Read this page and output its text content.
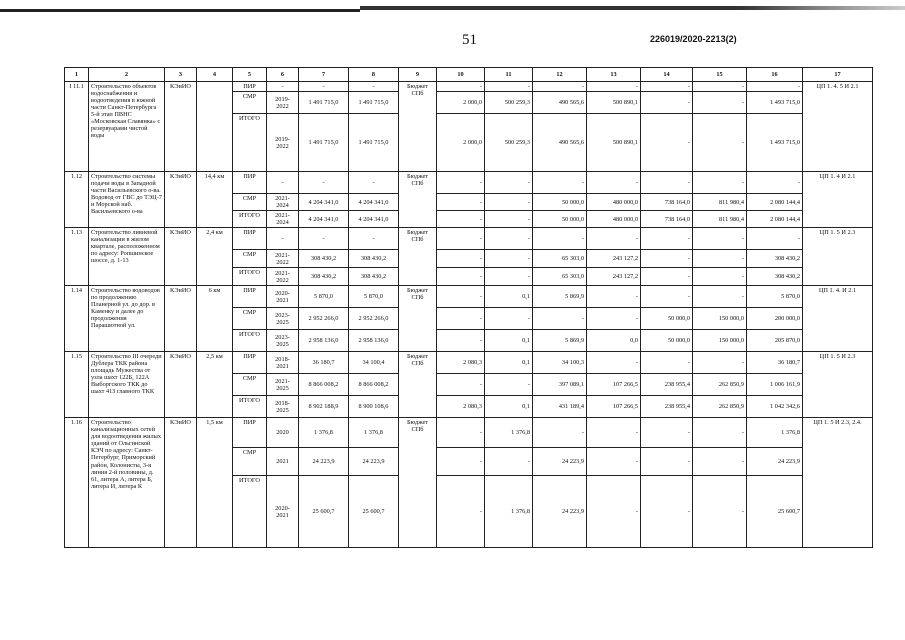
51	226019/2020-2213(2)
1	2	3	4	5	6	7	8	9	10	11	12	13	14	15	16	17
I 11.1	Строительство объектов водоснабжения и водоотведения в южной части Санкт-Петербурга 5-й этап ПВНС «Московская Славянка» с резервуарами чистой воды	КЭиИО		ПИР	-	-	-	Бюджет СПб	-	-	-	-	-	-	-	ЦП 1. 4. 5 И 2.1
				СМР	2019-2022	1 491 715,0	1 491 715,0		2 000,0	500 259,3	490 565,6	500 890,1	-	-	1 493 715,0	
				ИТОГО	2019-2022	1 491 715,0	1 491 715,0		2 000,0	500 259,3	490 565,6	500 890,1	-	-	1 493 715,0	
1.12	Строительство системы подачи воды в Западной части Васильевского о-ва. Водовод от ГВС до ТЭЦ-7 и Морской наб. Васильевского о-ва	КЭиИО	14,4 км	ПИР	-	-	-	Бюджет СПб	-	-	-	-	-	-	-	ЦП 1. 4 И 2.1
				СМР	2021-2024	4 204 341,0	4 204 341,0		-	-	50 000,0	480 000,0	738 164,0	811 980,4	2 080 144,4	
				ИТОГО	2021-2024	4 204 341,0	4 204 341,0		-	-	50 000,0	480 000,0	738 164,0	811 980,4	2 080 144,4	
1.13	Строительство ливневой канализации в жилом квартале, расположенном по адресу: Ропшинское шоссе, д. 1-13	КЭиИО	2,4 км	ПИР	-	-	-	Бюджет СПб	-	-	-	-	-	-	-	ЦП 1. 5 И 2.3
				СМР	2021-2022	308 430,2	308 430,2		-	-	65 303,0	243 127,2	-	-	308 430,2	
				ИТОГО	2021-2022	308 430,2	308 430,2		-	-	65 303,0	243 127,2	-	-	308 430,2	
1.14	Строительство водоводов по продолжению Планерной ул. до дор. в Каменку и далее до продолжения Парашютной ул.	КЭиИО	6 км	ПИР	2020-2021	5 870,0	5 870,0	Бюджет СПб	-	0,1	5 869,9	-	-	-	5 870,0	ЦП 1. 4. И 2.1
				СМР	2023-2025	2 952 266,0	2 952 266,0		-	-	-	-	50 000,0	150 000,0	200 000,0	
				ИТОГО	2023-2025	2 958 136,0	2 958 136,0		-	0,1	5 869,9	0,0	50 000,0	150 000,0	205 870,0	
1.15	Строительство III очереди Дублера ТКК района площадь Мужества от узла шахт 122Б, 122А Выборгского ТКК до шахт 413 главного ТКК	КЭиИО	2,5 км	ПИР	2018-2021	36 180,7	34 100,4	Бюджет СПб	2 080,3	0,1	34 100,3	-	-	-	36 180,7	ЦП 1. 5 И 2.3
				СМР	2021-2025	8 866 008,2	8 866 008,2		-	-	397 089,1	107 266,5	238 955,4	262 850,9	1 006 161,9	
				ИТОГО	2018-2025	8 902 188,9	8 900 108,6		2 080,3	0,1	431 189,4	107 266,5	238 955,4	262 850,9	1 042 342,6	
1.16	Строительство канализационных сетей для водоотведения жилых зданий от Ольгинской КЭЧ по адресу: Санкт-Петербург, Приморский район, Колонисты, 3-я линия 2-й половины, д. 61, литера А, литера Б, литера И, литера К	КЭиИО	1,5 км	ПИР	2020	1 376,8	1 376,8	Бюджет СПб	-	1 376,8	-	-	-	-	1 376,8	ЦП 1. 5 И 2.3, 2.4.
				СМР	2021	24 223,9	24 223,9		-	-	24 223,9	-	-	-	24 223,9	
				ИТОГО	2020-2021	25 600,7	25 600,7		-	1 376,8	24 223,9	-	-	-	25 600,7	
